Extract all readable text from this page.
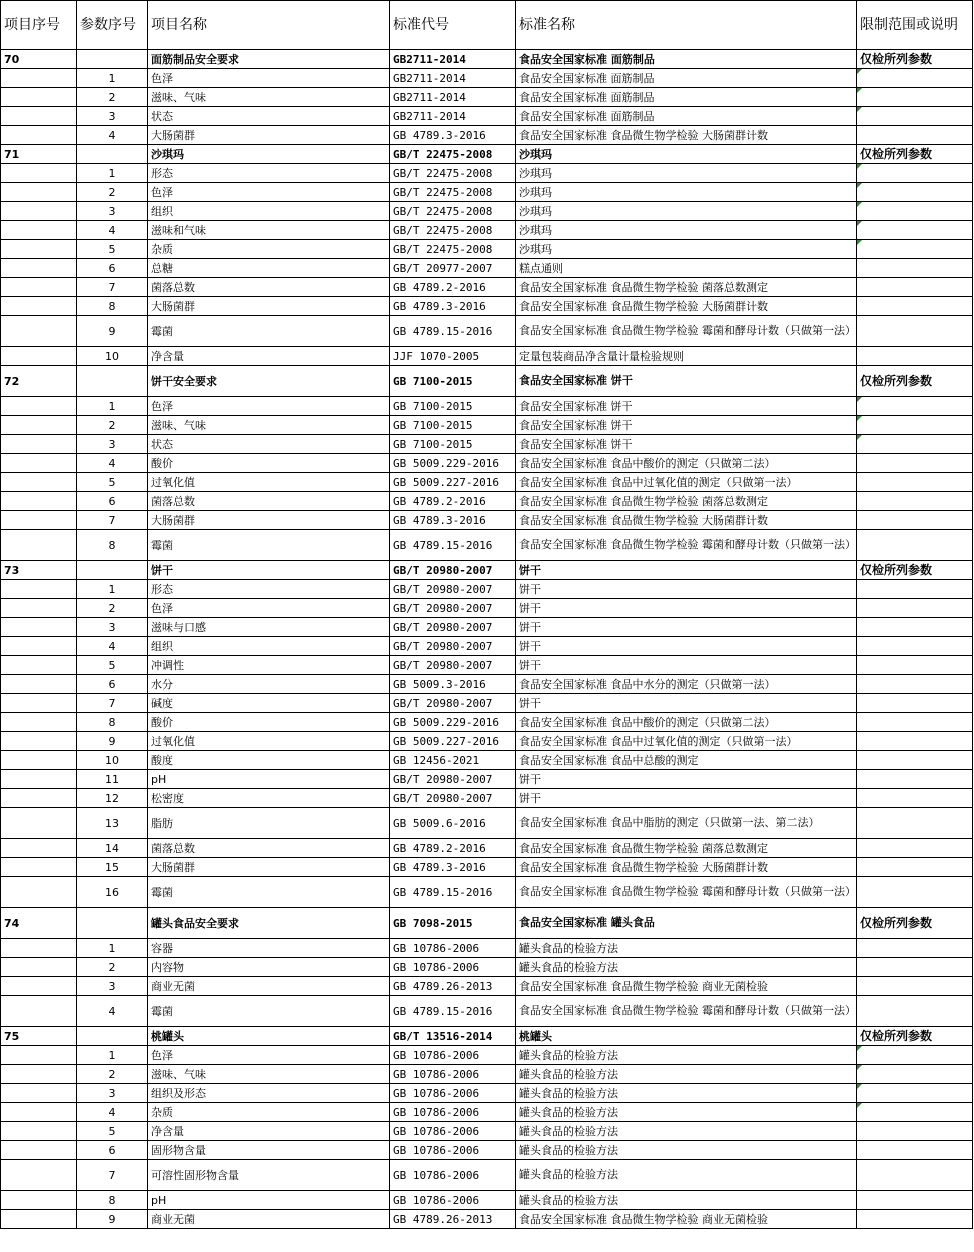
项目序号	参数序号	项目名称	标准代号	标准名称	限制范围或说明
70		面筋制品安全要求	GB2711-2014	食品安全国家标准 面筋制品	仅检所列参数
	1	色泽	GB2711-2014	食品安全国家标准 面筋制品	

	2	滋味、气味	GB2711-2014	食品安全国家标准 面筋制品	

	3	状态	GB2711-2014	食品安全国家标准 面筋制品	

	4	大肠菌群	GB 4789.3-2016	食品安全国家标准 食品微生物学检验 大肠菌群计数	
71		沙琪玛	GB/T 22475-2008	沙琪玛	仅检所列参数
	1	形态	GB/T 22475-2008	沙琪玛	

	2	色泽	GB/T 22475-2008	沙琪玛	

	3	组织	GB/T 22475-2008	沙琪玛	

	4	滋味和气味	GB/T 22475-2008	沙琪玛	

	5	杂质	GB/T 22475-2008	沙琪玛	

	6	总糖	GB/T 20977-2007	糕点通则	
	7	菌落总数	GB 4789.2-2016	食品安全国家标准 食品微生物学检验 菌落总数测定	
	8	大肠菌群	GB 4789.3-2016	食品安全国家标准 食品微生物学检验 大肠菌群计数	
	9	霉菌	GB 4789.15-2016	食品安全国家标准 食品微生物学检验 霉菌和酵母计数（只做第一法）	
	10	净含量	JJF 1070-2005	定量包装商品净含量计量检验规则	
72		饼干安全要求	GB 7100-2015	食品安全国家标准 饼干	仅检所列参数
	1	色泽	GB 7100-2015	食品安全国家标准 饼干	

	2	滋味、气味	GB 7100-2015	食品安全国家标准 饼干	

	3	状态	GB 7100-2015	食品安全国家标准 饼干	

	4	酸价	GB 5009.229-2016	食品安全国家标准 食品中酸价的测定（只做第二法）	
	5	过氧化值	GB 5009.227-2016	食品安全国家标准 食品中过氧化值的测定（只做第一法）	
	6	菌落总数	GB 4789.2-2016	食品安全国家标准 食品微生物学检验 菌落总数测定	
	7	大肠菌群	GB 4789.3-2016	食品安全国家标准 食品微生物学检验 大肠菌群计数	
	8	霉菌	GB 4789.15-2016	食品安全国家标准 食品微生物学检验 霉菌和酵母计数（只做第一法）	
73		饼干	GB/T 20980-2007	饼干	仅检所列参数
	1	形态	GB/T 20980-2007	饼干	
	2	色泽	GB/T 20980-2007	饼干	
	3	滋味与口感	GB/T 20980-2007	饼干	
	4	组织	GB/T 20980-2007	饼干	
	5	冲调性	GB/T 20980-2007	饼干	
	6	水分	GB 5009.3-2016	食品安全国家标准 食品中水分的测定（只做第一法）	
	7	碱度	GB/T 20980-2007	饼干	
	8	酸价	GB 5009.229-2016	食品安全国家标准 食品中酸价的测定（只做第二法）	
	9	过氧化值	GB 5009.227-2016	食品安全国家标准 食品中过氧化值的测定（只做第一法）	
	10	酸度	GB 12456-2021	食品安全国家标准 食品中总酸的测定	
	11	pH	GB/T 20980-2007	饼干	
	12	松密度	GB/T 20980-2007	饼干	
	13	脂肪	GB 5009.6-2016	食品安全国家标准 食品中脂肪的测定（只做第一法、第二法）	
	14	菌落总数	GB 4789.2-2016	食品安全国家标准 食品微生物学检验 菌落总数测定	
	15	大肠菌群	GB 4789.3-2016	食品安全国家标准 食品微生物学检验 大肠菌群计数	
	16	霉菌	GB 4789.15-2016	食品安全国家标准 食品微生物学检验 霉菌和酵母计数（只做第一法）	
74		罐头食品安全要求	GB 7098-2015	食品安全国家标准 罐头食品	仅检所列参数
	1	容器	GB 10786-2006	罐头食品的检验方法	
	2	内容物	GB 10786-2006	罐头食品的检验方法	
	3	商业无菌	GB 4789.26-2013	食品安全国家标准 食品微生物学检验 商业无菌检验	
	4	霉菌	GB 4789.15-2016	食品安全国家标准 食品微生物学检验 霉菌和酵母计数（只做第一法）	
75		桃罐头	GB/T 13516-2014	桃罐头	仅检所列参数
	1	色泽	GB 10786-2006	罐头食品的检验方法	

	2	滋味、气味	GB 10786-2006	罐头食品的检验方法	

	3	组织及形态	GB 10786-2006	罐头食品的检验方法	

	4	杂质	GB 10786-2006	罐头食品的检验方法	

	5	净含量	GB 10786-2006	罐头食品的检验方法	
	6	固形物含量	GB 10786-2006	罐头食品的检验方法	
	7	可溶性固形物含量	GB 10786-2006	罐头食品的检验方法	
	8	pH	GB 10786-2006	罐头食品的检验方法	
	9	商业无菌	GB 4789.26-2013	食品安全国家标准 食品微生物学检验 商业无菌检验	
